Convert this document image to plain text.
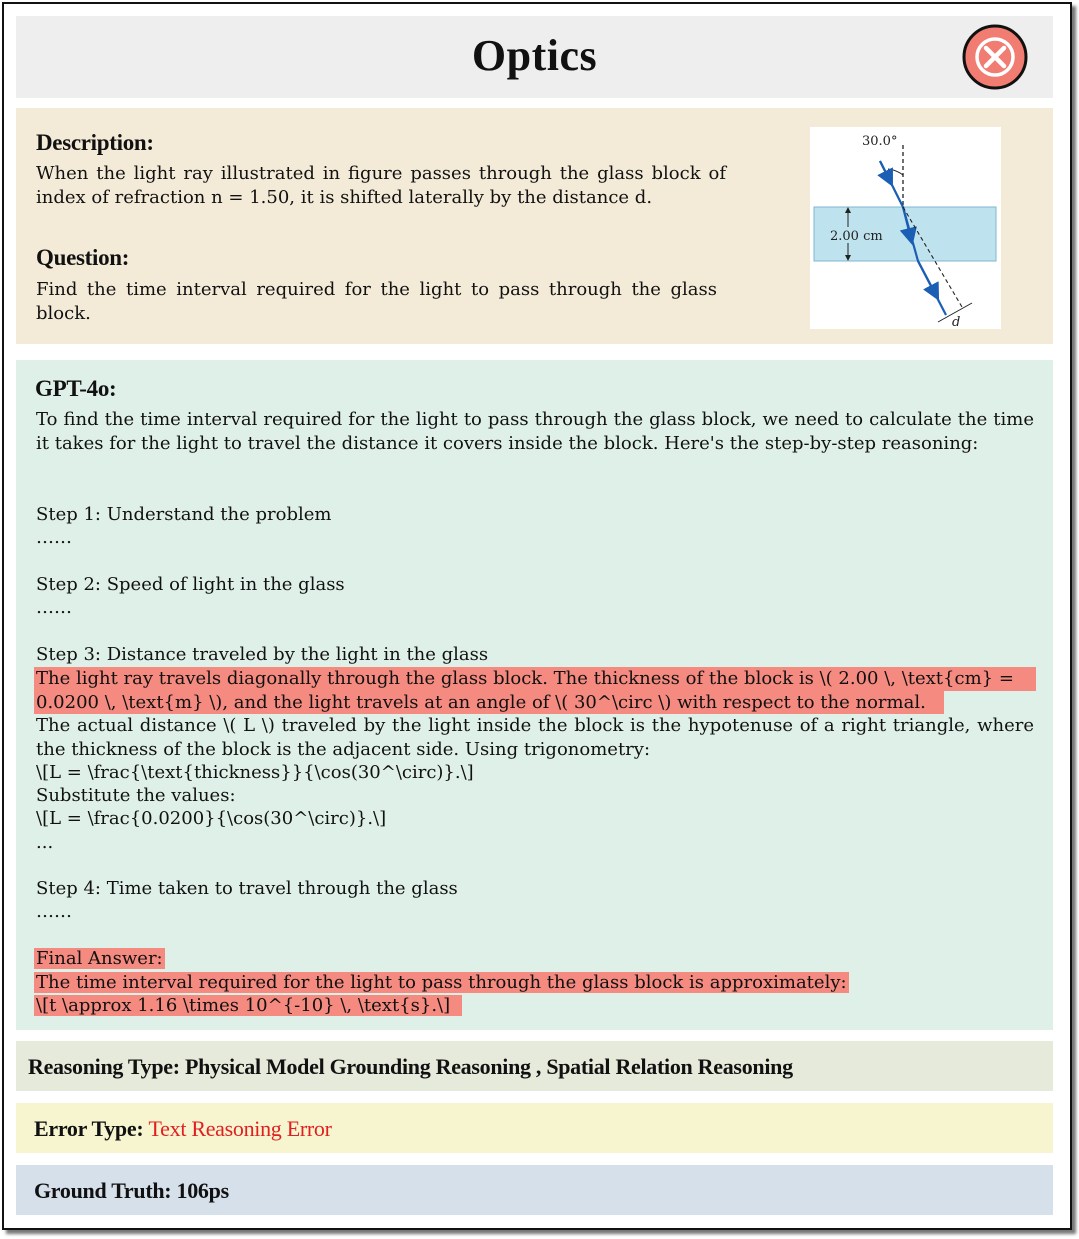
Optics
Description:
When the light ray illustrated in figure passes through the glass block of index of refraction n = 1.50, it is shifted laterally by the distance d.
Question:
Find the time interval required for the light to pass through the glass block.
30.0°
2.00 cm
d
GPT-4o:
To find the time interval required for the light to pass through the glass block, we need to calculate the time it takes for the light to travel the distance it covers inside the block. Here's the step-by-step reasoning:
Step 1: Understand the problem
……
Step 2: Speed of light in the glass
……
Step 3: Distance traveled by the light in the glass
The light ray travels diagonally through the glass block. The thickness of the block is \( 2.00 \, \text{cm} =
0.0200 \, \text{m} \), and the light travels at an angle of \( 30^\circ \) with respect to the normal.
The actual distance \( L \) traveled by the light inside the block is the hypotenuse of a right triangle, where the thickness of the block is the adjacent side. Using trigonometry:
\[L = \frac{\text{thickness}}{\cos(30^\circ)}.\]
Substitute the values:
\[L = \frac{0.0200}{\cos(30^\circ)}.\]
...
Step 4: Time taken to travel through the glass
……
Final Answer:
The time interval required for the light to pass through the glass block is approximately:
\[t \approx 1.16 \times 10^{-10} \, \text{s}.\]
Reasoning Type: Physical Model Grounding Reasoning , Spatial Relation Reasoning
Error Type: Text Reasoning Error
Ground Truth: 106ps
